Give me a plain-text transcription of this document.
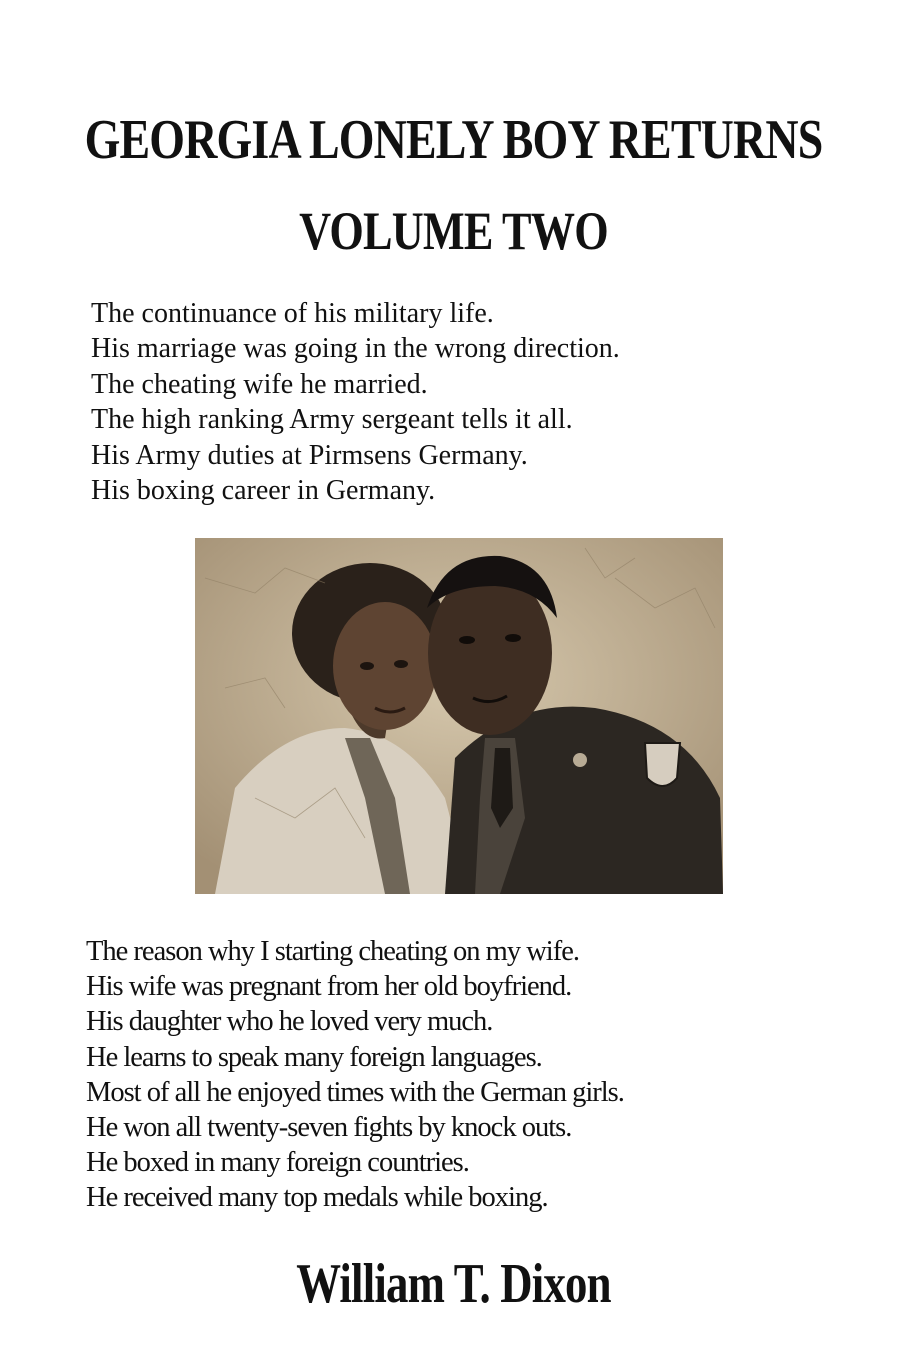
GEORGIA LONELY BOY RETURNS
VOLUME TWO
The continuance of his military life.
His marriage was going in the wrong direction.
The cheating wife he married.
The high ranking Army sergeant tells it all.
His Army duties at Pirmsens Germany.
His boxing career in Germany.
The reason why I starting cheating on my wife.
His wife was pregnant from her old boyfriend.
His daughter who he loved very much.
He learns to speak many foreign languages.
Most of all he enjoyed times with the German girls.
He won all twenty-seven fights by knock outs.
He boxed in many foreign countries.
He received many top medals while boxing.
William T. Dixon
